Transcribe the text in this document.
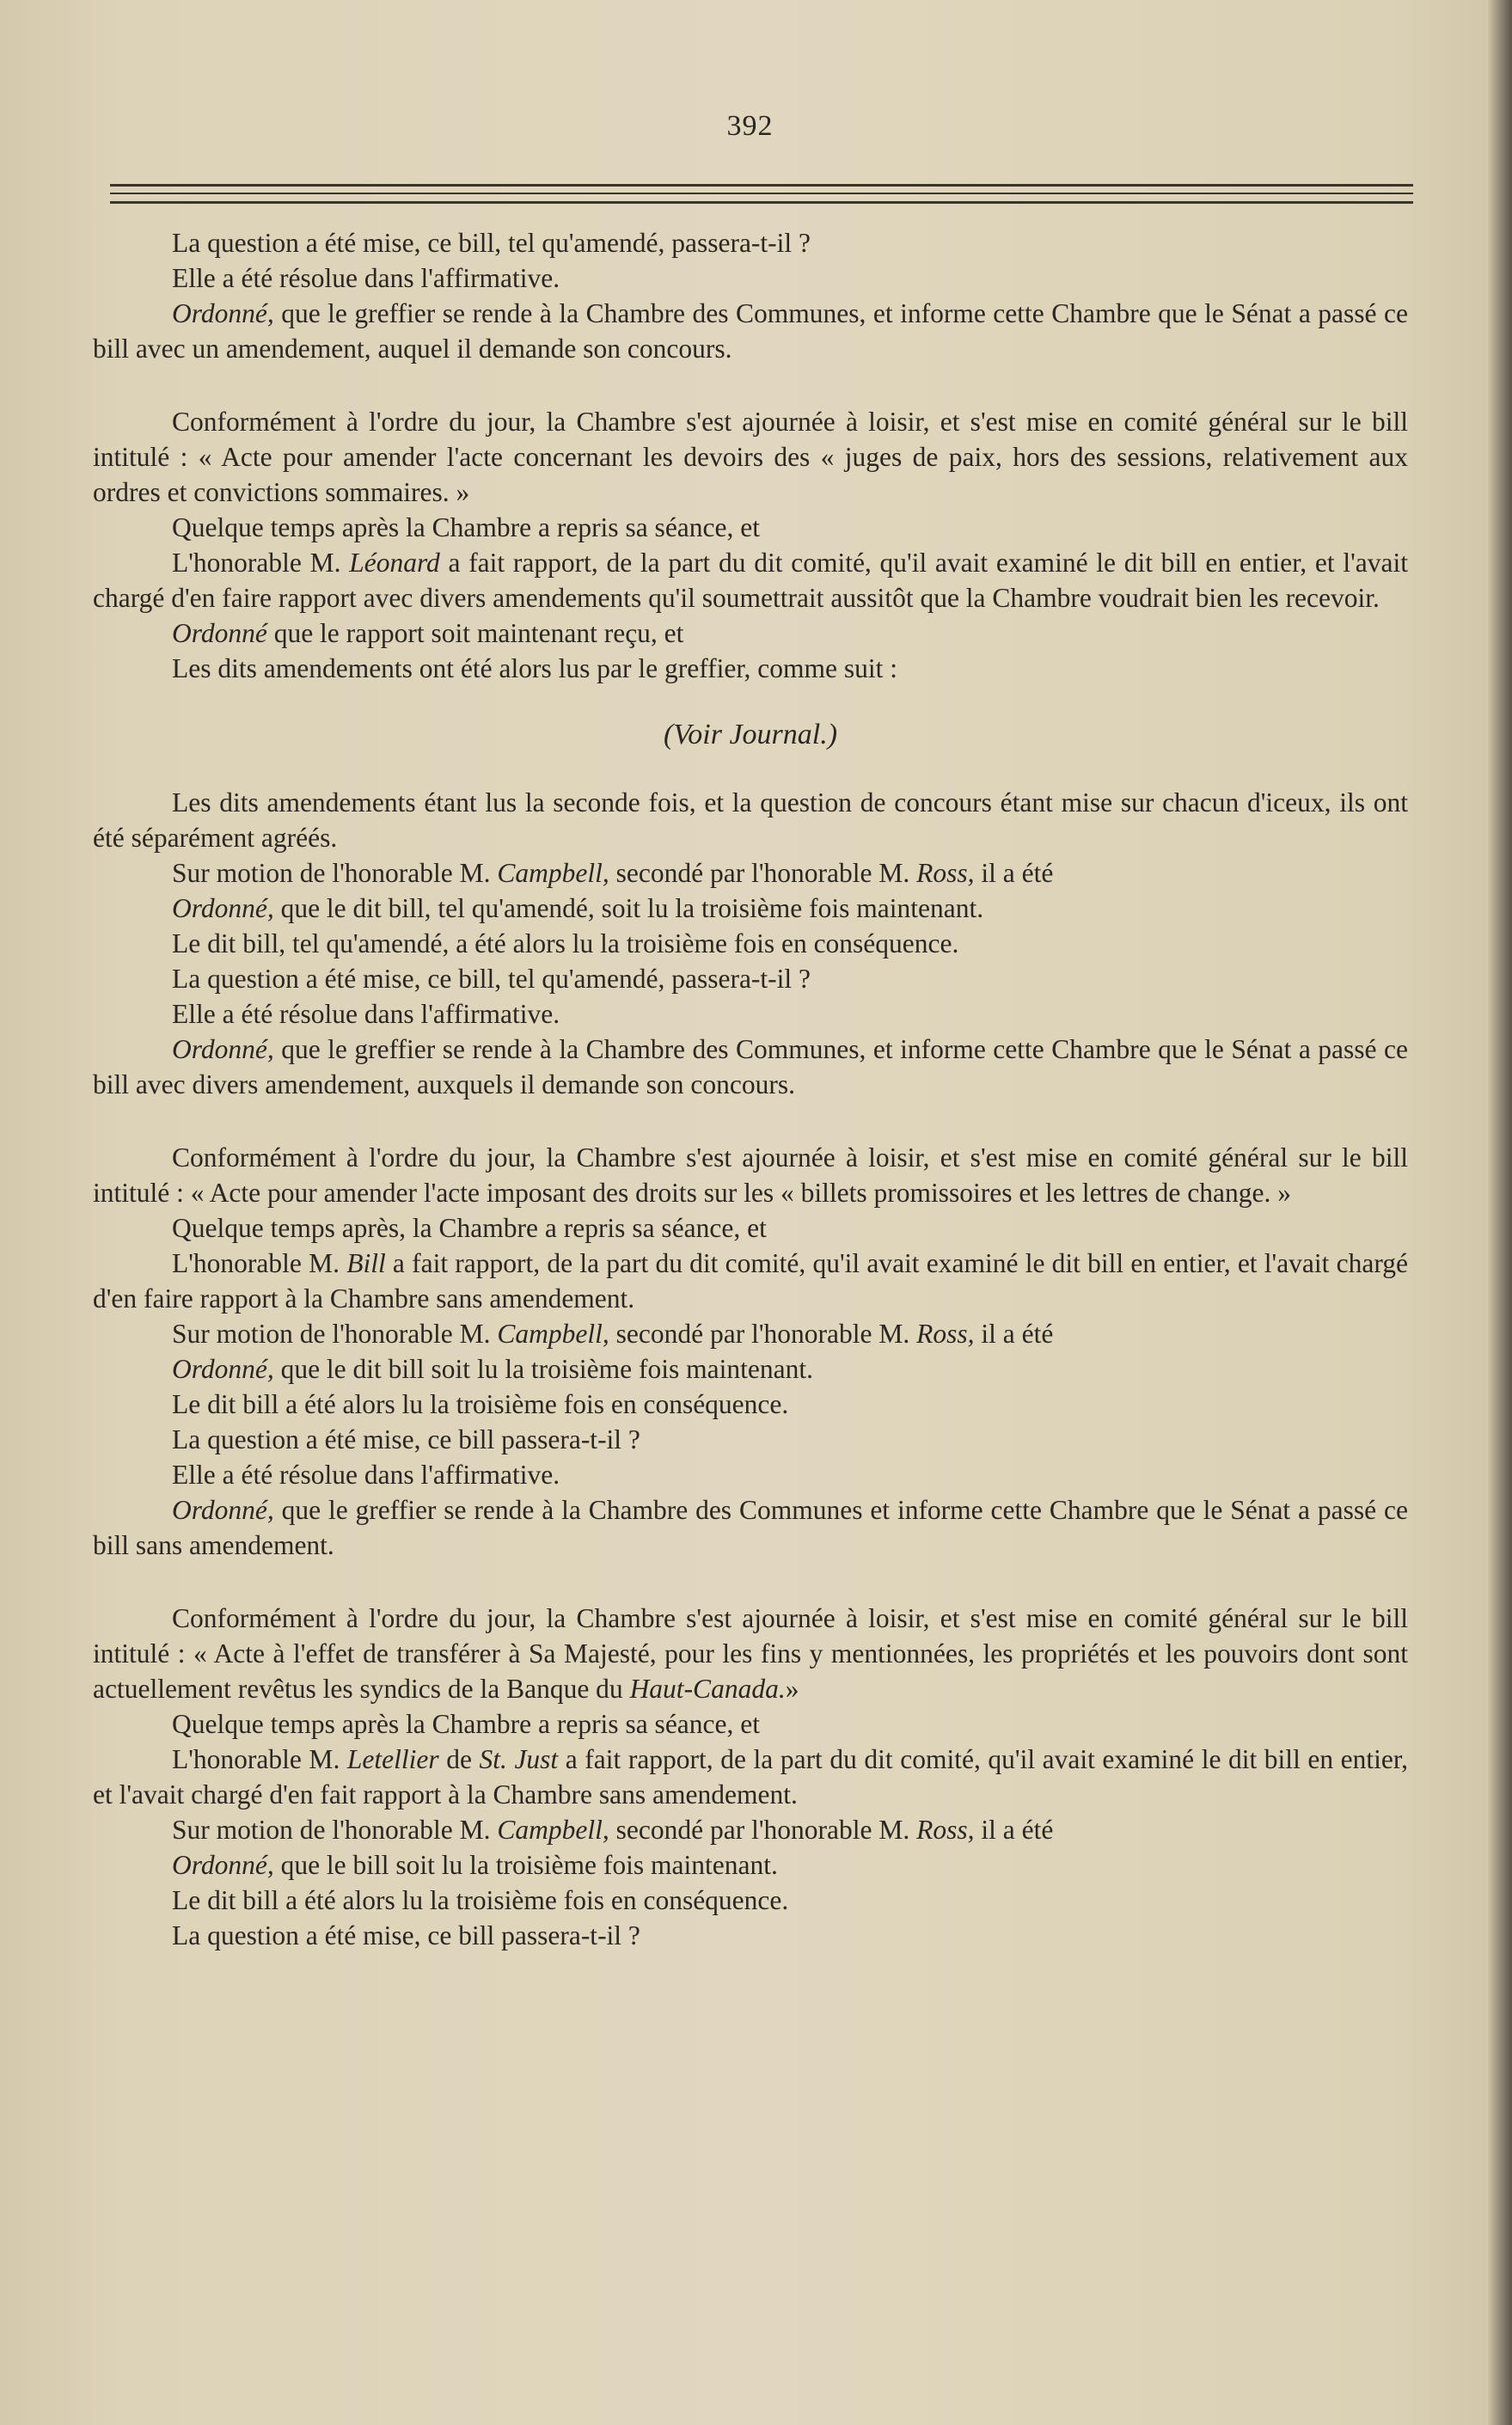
392

La question a été mise, ce bill, tel qu'amendé, passera-t-il ?

Elle a été résolue dans l'affirmative.

Ordonné, que le greffier se rende à la Chambre des Communes, et informe cette Chambre que le Sénat a passé ce bill avec un amendement, auquel il demande son concours.

Conformément à l'ordre du jour, la Chambre s'est ajournée à loisir, et s'est mise en comité général sur le bill intitulé : « Acte pour amender l'acte concernant les devoirs des « juges de paix, hors des sessions, relativement aux ordres et convictions sommaires. »

Quelque temps après la Chambre a repris sa séance, et

L'honorable M. Léonard a fait rapport, de la part du dit comité, qu'il avait examiné le dit bill en entier, et l'avait chargé d'en faire rapport avec divers amendements qu'il soumettrait aussitôt que la Chambre voudrait bien les recevoir.

Ordonné que le rapport soit maintenant reçu, et

Les dits amendements ont été alors lus par le greffier, comme suit :

(Voir Journal.)

Les dits amendements étant lus la seconde fois, et la question de concours étant mise sur chacun d'iceux, ils ont été séparément agréés.

Sur motion de l'honorable M. Campbell, secondé par l'honorable M. Ross, il a été

Ordonné, que le dit bill, tel qu'amendé, soit lu la troisième fois maintenant.

Le dit bill, tel qu'amendé, a été alors lu la troisième fois en conséquence.

La question a été mise, ce bill, tel qu'amendé, passera-t-il ?

Elle a été résolue dans l'affirmative.

Ordonné, que le greffier se rende à la Chambre des Communes, et informe cette Chambre que le Sénat a passé ce bill avec divers amendement, auxquels il demande son concours.

Conformément à l'ordre du jour, la Chambre s'est ajournée à loisir, et s'est mise en comité général sur le bill intitulé : « Acte pour amender l'acte imposant des droits sur les « billets promissoires et les lettres de change. »

Quelque temps après, la Chambre a repris sa séance, et

L'honorable M. Bill a fait rapport, de la part du dit comité, qu'il avait examiné le dit bill en entier, et l'avait chargé d'en faire rapport à la Chambre sans amendement.

Sur motion de l'honorable M. Campbell, secondé par l'honorable M. Ross, il a été

Ordonné, que le dit bill soit lu la troisième fois maintenant.

Le dit bill a été alors lu la troisième fois en conséquence.

La question a été mise, ce bill passera-t-il ?

Elle a été résolue dans l'affirmative.

Ordonné, que le greffier se rende à la Chambre des Communes et informe cette Chambre que le Sénat a passé ce bill sans amendement.

Conformément à l'ordre du jour, la Chambre s'est ajournée à loisir, et s'est mise en comité général sur le bill intitulé : « Acte à l'effet de transférer à Sa Majesté, pour les fins y mentionnées, les propriétés et les pouvoirs dont sont actuellement revêtus les syndics de la Banque du Haut-Canada.»

Quelque temps après la Chambre a repris sa séance, et

L'honorable M. Letellier de St. Just a fait rapport, de la part du dit comité, qu'il avait examiné le dit bill en entier, et l'avait chargé d'en fait rapport à la Chambre sans amendement.

Sur motion de l'honorable M. Campbell, secondé par l'honorable M. Ross, il a été

Ordonné, que le bill soit lu la troisième fois maintenant.

Le dit bill a été alors lu la troisième fois en conséquence.

La question a été mise, ce bill passera-t-il ?
